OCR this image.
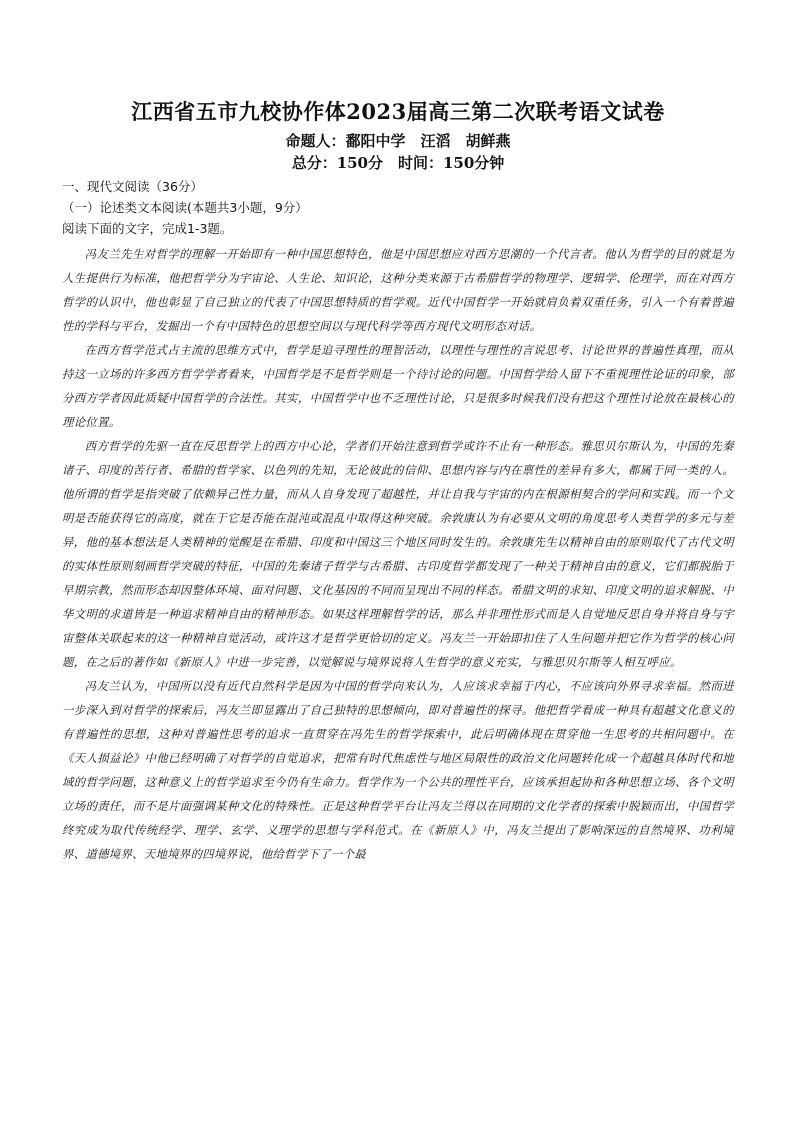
江西省五市九校协作体2023届高三第二次联考语文试卷

命题人：鄱阳中学　汪滔　胡鲜燕

总分：150分　时间：150分钟

一、现代文阅读（36分）

（一）论述类文本阅读(本题共3小题，9分）

阅读下面的文字，完成1-3题。

冯友兰先生对哲学的理解一开始即有一种中国思想特色，他是中国思想应对西方思潮的一个代言者。他认为哲学的目的就是为人生提供行为标准，他把哲学分为宇宙论、人生论、知识论，这种分类来源于古希腊哲学的物理学、逻辑学、伦理学，而在对西方哲学的认识中，他也彰显了自己独立的代表了中国思想特质的哲学观。近代中国哲学一开始就肩负着双重任务，引入一个有着普遍性的学科与平台，发掘出一个有中国特色的思想空间以与现代科学等西方现代文明形态对话。

在西方哲学范式占主流的思维方式中，哲学是追寻理性的理智活动，以理性与理性的言说思考、讨论世界的普遍性真理，而从持这一立场的许多西方哲学学者看来，中国哲学是不是哲学则是一个待讨论的问题。中国哲学给人留下不重视理性论证的印象，部分西方学者因此质疑中国哲学的合法性。其实，中国哲学中也不乏理性讨论，只是很多时候我们没有把这个理性讨论放在最核心的理论位置。

西方哲学的先驱一直在反思哲学上的西方中心论，学者们开始注意到哲学或许不止有一种形态。雅思贝尔斯认为，中国的先秦诸子、印度的苦行者、希腊的哲学家、以色列的先知，无论彼此的信仰、思想内容与内在禀性的差异有多大，都属于同一类的人。他所谓的哲学是指突破了依赖异己性力量，而从人自身发现了超越性，并让自我与宇宙的内在根源相契合的学问和实践。而一个文明是否能获得它的高度，就在于它是否能在混沌或混乱中取得这种突破。余敦康认为有必要从文明的角度思考人类哲学的多元与差异，他的基本想法是人类精神的觉醒是在希腊、印度和中国这三个地区同时发生的。余敦康先生以精神自由的原则取代了古代文明的实体性原则刻画哲学突破的特征，中国的先秦诸子哲学与古希腊、古印度哲学都发现了一种关于精神自由的意义，它们都脱胎于早期宗教，然而形态却因整体环境、面对问题、文化基因的不同而呈现出不同的样态。希腊文明的求知、印度文明的追求解脱、中华文明的求道皆是一种追求精神自由的精神形态。如果这样理解哲学的话，那么并非理性形式而是人自觉地反思自身并将自身与宇宙整体关联起来的这一种精神自觉活动，或许这才是哲学更恰切的定义。冯友兰一开始即扣住了人生问题并把它作为哲学的核心问题，在之后的著作如《新原人》中进一步完善，以觉解说与境界说将人生哲学的意义充实，与雅思贝尔斯等人相互呼应。

冯友兰认为，中国所以没有近代自然科学是因为中国的哲学向来认为，人应该求幸福于内心，不应该向外界寻求幸福。然而进一步深入到对哲学的探索后，冯友兰即显露出了自己独特的思想倾向，即对普遍性的探寻。他把哲学看成一种具有超越文化意义的有普遍性的思想，这种对普遍性思考的追求一直贯穿在冯先生的哲学探索中，此后明确体现在贯穿他一生思考的共相问题中。在《天人损益论》中他已经明确了对哲学的自觉追求，把常有时代焦虑性与地区局限性的政治文化问题转化成一个超越具体时代和地域的哲学问题，这种意义上的哲学追求至今仍有生命力。哲学作为一个公共的理性平台，应该承担起协和各种思想立场、各个文明立场的责任，而不是片面强调某种文化的特殊性。正是这种哲学平台让冯友兰得以在同期的文化学者的探索中脱颖而出，中国哲学终究成为取代传统经学、理学、玄学、义理学的思想与学科范式。在《新原人》中，冯友兰提出了影响深远的自然境界、功利境界、道德境界、天地境界的四境界说，他给哲学下了一个最
